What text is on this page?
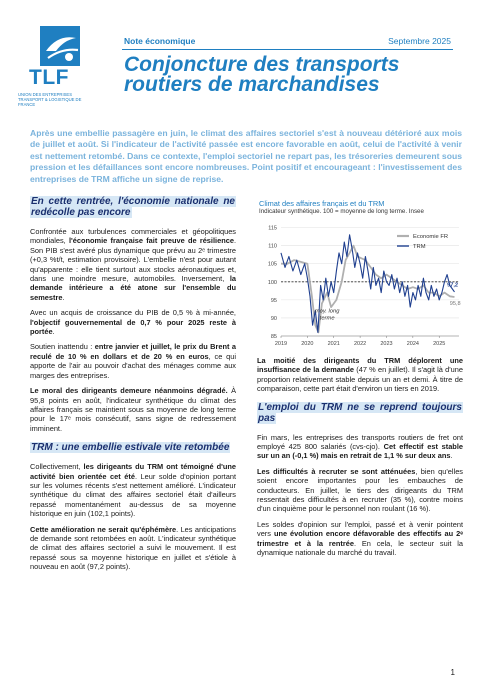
TLF
UNION DES ENTREPRISES TRANSPORT & LOGISTIQUE DE FRANCE
Note économique	Septembre 2025
Conjoncture des transports routiers de marchandises

Après une embellie passagère en juin, le climat des affaires sectoriel s'est à nouveau détérioré aux mois de juillet et août. Si l'indicateur de l'activité passée est encore favorable en août, celui de l'activité à venir est nettement retombé. Dans ce contexte, l'emploi sectoriel ne repart pas, les trésoreries demeurent sous pression et les défaillances sont encore nombreuses. Point positif et encourageant : l'investissement des entreprises de TRM affiche un signe de reprise.

En cette rentrée, l'économie nationale ne redécolle pas encore

Confrontée aux turbulences commerciales et géopolitiques mondiales, l'économie française fait preuve de résilience. Son PIB s'est avéré plus dynamique que prévu au 2ᵉ trimestre (+0,3 %t/t, estimation provisoire). L'embellie n'est pour autant qu'apparente : elle tient surtout aux stocks aéronautiques et, dans une moindre mesure, automobiles. Inversement, la demande intérieure a été atone sur l'ensemble du semestre.

Avec un acquis de croissance du PIB de 0,5 % à mi-année, l'objectif gouvernemental de 0,7 % pour 2025 reste à portée.

Soutien inattendu : entre janvier et juillet, le prix du Brent a reculé de 10 % en dollars et de 20 % en euros, ce qui apporte de l'air au pouvoir d'achat des ménages comme aux marges des entreprises.

Le moral des dirigeants demeure néanmoins dégradé. À 95,8 points en août, l'indicateur synthétique du climat des affaires français se maintient sous sa moyenne de long terme pour le 17ᵉ mois consécutif, sans signe de redressement imminent.

TRM : une embellie estivale vite retombée

Collectivement, les dirigeants du TRM ont témoigné d'une activité bien orientée cet été. Leur solde d'opinion portant sur les volumes récents s'est nettement amélioré. L'indicateur synthétique du climat des affaires sectoriel était d'ailleurs repassé momentanément au-dessus de sa moyenne historique en juin (102,1 points).

Cette amélioration ne serait qu'éphémère. Les anticipations de demande sont retombées en août. L'indicateur synthétique de climat des affaires sectoriel a suivi le mouvement. Il est repassé sous sa moyenne historique en juillet et s'étiole à nouveau en août (97,2 points).

Climat des affaires français et du TRM
Indicateur synthétique. 100 = moyenne de long terme. Insee
85
90
95
100
105
110
115
2019	2020	2021	2022	2023	2024	2025
Economie FR
TRM
moy. long
terme
97,2
95,8

La moitié des dirigeants du TRM déplorent une insuffisance de la demande (47 % en juillet). Il s'agit là d'une proportion relativement stable depuis un an et demi. À titre de comparaison, cette part était d'environ un tiers en 2019.

L'emploi du TRM ne se reprend toujours pas

Fin mars, les entreprises des transports routiers de fret ont employé 425 800 salariés (cvs-cjo). Cet effectif est stable sur un an (-0,1 %) mais en retrait de 1,1 % sur deux ans.

Les difficultés à recruter se sont atténuées, bien qu'elles soient encore importantes pour les embauches de conducteurs. En juillet, le tiers des dirigeants du TRM ressentait des difficultés à en recruter (35 %), contre moins d'un cinquième pour le personnel non roulant (16 %).

Les soldes d'opinion sur l'emploi, passé et à venir pointent vers une évolution encore défavorable des effectifs au 2ᵉ trimestre et à la rentrée. En cela, le secteur suit la dynamique nationale du marché du travail.

1
